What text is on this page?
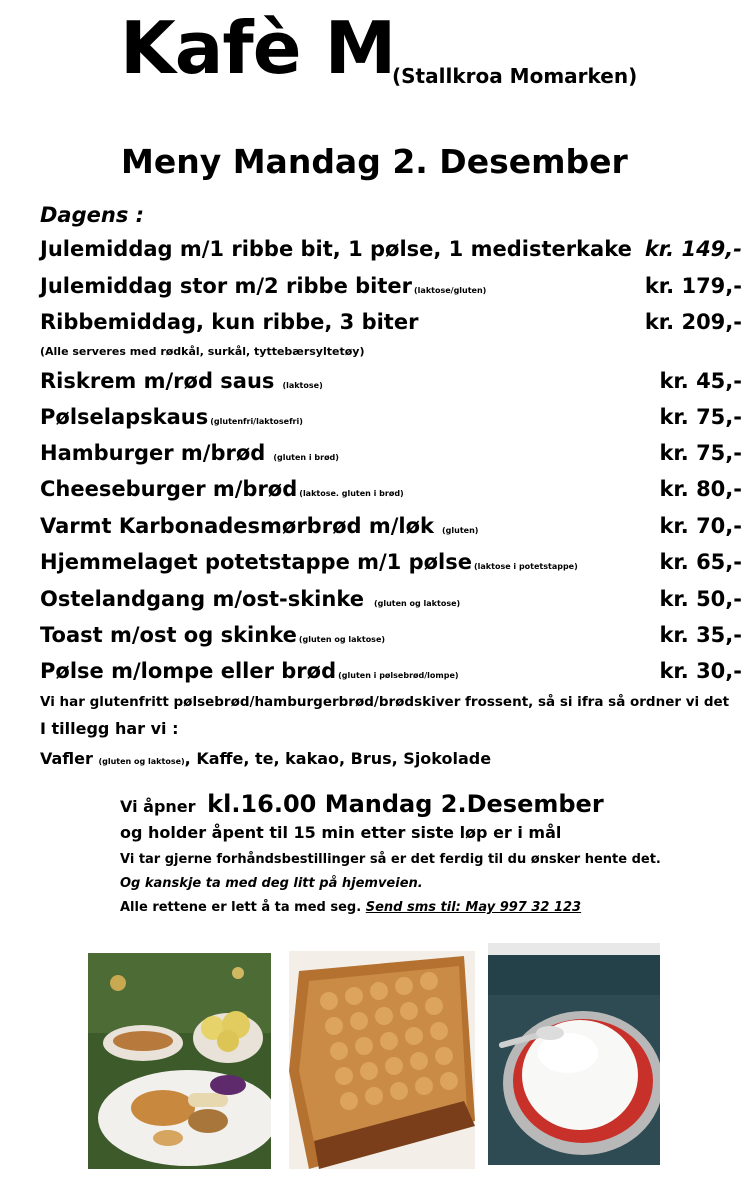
Kafè M
(Stallkroa Momarken)
Meny Mandag 2. Desember
Dagens :
Julemiddag m/1 ribbe bit, 1 pølse, 1 medisterkake kr. 149,-
Julemiddag stor m/2 ribbe biter (laktose/gluten)	kr. 179,-
Ribbemiddag, kun ribbe, 3 biter	kr. 209,-
(Alle serveres med rødkål, surkål, tyttebærsyltetøy)
Riskrem m/rød saus (laktose)	kr. 45,-
Pølselapskaus (glutenfri/laktosefri)	kr. 75,-
Hamburger m/brød (gluten i brød)	kr. 75,-
Cheeseburger m/brød (laktose. gluten i brød)	kr. 80,-
Varmt Karbonadesmørbrød m/løk (gluten)	kr. 70,-
Hjemmelaget potetstappe m/1 pølse (laktose i potetstappe)	kr. 65,-
Ostelandgang m/ost-skinke (gluten og laktose)	kr. 50,-
Toast m/ost og skinke (gluten og laktose)	kr. 35,-
Pølse m/lompe eller brød (gluten i pølsebrød/lompe)	kr. 30,-
Vi har glutenfritt pølsebrød/hamburgerbrød/brødskiver frossent, så si ifra så ordner vi det
I tillegg har vi :
Vafler (gluten og laktose), Kaffe, te, kakao, Brus, Sjokolade
Vi åpner kl.16.00 Mandag 2.Desember
og holder åpent til 15 min etter siste løp er i mål
Vi tar gjerne forhåndsbestillinger så er det ferdig til du ønsker hente det.
Og kanskje ta med deg litt på hjemveien.
Alle rettene er lett å ta med seg. Send sms til: May 997 32 123
